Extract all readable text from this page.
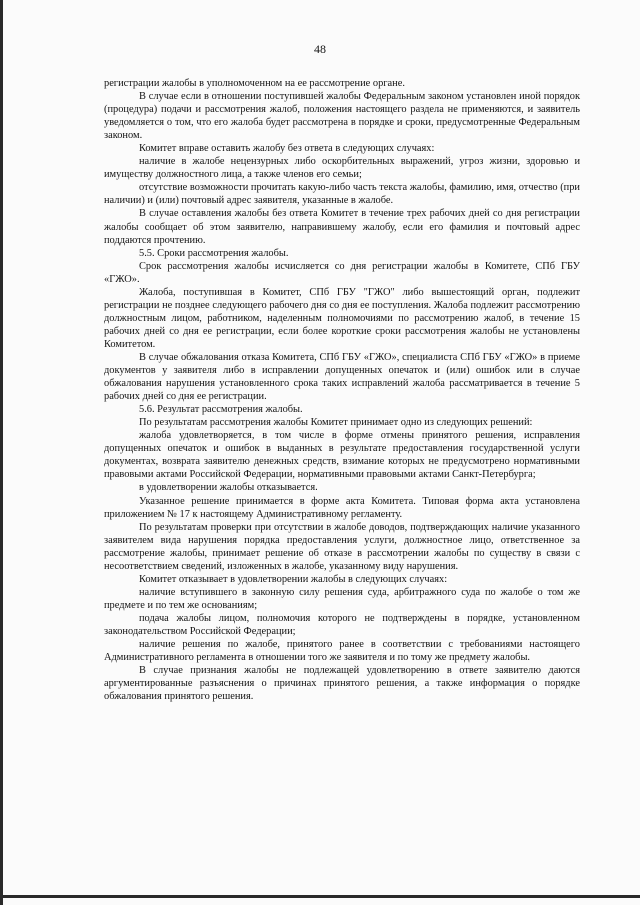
48

регистрации жалобы в уполномоченном на ее рассмотрение органе.

В случае если в отношении поступившей жалобы Федеральным законом установлен иной порядок (процедура) подачи и рассмотрения жалоб, положения настоящего раздела не применяются, и заявитель уведомляется о том, что его жалоба будет рассмотрена в порядке и сроки, предусмотренные Федеральным законом.

Комитет вправе оставить жалобу без ответа в следующих случаях:

наличие в жалобе нецензурных либо оскорбительных выражений, угроз жизни, здоровью и имуществу должностного лица, а также членов его семьи;

отсутствие возможности прочитать какую-либо часть текста жалобы, фамилию, имя, отчество (при наличии) и (или) почтовый адрес заявителя, указанные в жалобе.

В случае оставления жалобы без ответа Комитет в течение трех рабочих дней со дня регистрации жалобы сообщает об этом заявителю, направившему жалобу, если его фамилия и почтовый адрес поддаются прочтению.

5.5. Сроки рассмотрения жалобы.

Срок рассмотрения жалобы исчисляется со дня регистрации жалобы в Комитете, СПб ГБУ «ГЖО».

Жалоба, поступившая в Комитет, СПб ГБУ "ГЖО" либо вышестоящий орган, подлежит регистрации не позднее следующего рабочего дня со дня ее поступления. Жалоба подлежит рассмотрению должностным лицом, работником, наделенным полномочиями по рассмотрению жалоб, в течение 15 рабочих дней со дня ее регистрации, если более короткие сроки рассмотрения жалобы не установлены Комитетом.

В случае обжалования отказа Комитета, СПб ГБУ «ГЖО», специалиста СПб ГБУ «ГЖО» в приеме документов у заявителя либо в исправлении допущенных опечаток и (или) ошибок или в случае обжалования нарушения установленного срока таких исправлений жалоба рассматривается в течение 5 рабочих дней со дня ее регистрации.

5.6. Результат рассмотрения жалобы.

По результатам рассмотрения жалобы Комитет принимает одно из следующих решений:

жалоба удовлетворяется, в том числе в форме отмены принятого решения, исправления допущенных опечаток и ошибок в выданных в результате предоставления государственной услуги документах, возврата заявителю денежных средств, взимание которых не предусмотрено нормативными правовыми актами Российской Федерации, нормативными правовыми актами Санкт-Петербурга;

в удовлетворении жалобы отказывается.

Указанное решение принимается в форме акта Комитета. Типовая форма акта установлена приложением № 17 к настоящему Административному регламенту.

По результатам проверки при отсутствии в жалобе доводов, подтверждающих наличие указанного заявителем вида нарушения порядка предоставления услуги, должностное лицо, ответственное за рассмотрение жалобы, принимает решение об отказе в рассмотрении жалобы по существу в связи с несоответствием сведений, изложенных в жалобе, указанному виду нарушения.

Комитет отказывает в удовлетворении жалобы в следующих случаях:

наличие вступившего в законную силу решения суда, арбитражного суда по жалобе о том же предмете и по тем же основаниям;

подача жалобы лицом, полномочия которого не подтверждены в порядке, установленном законодательством Российской Федерации;

наличие решения по жалобе, принятого ранее в соответствии с требованиями настоящего Административного регламента в отношении того же заявителя и по тому же предмету жалобы.

В случае признания жалобы не подлежащей удовлетворению в ответе заявителю даются аргументированные разъяснения о причинах принятого решения, а также информация о порядке обжалования принятого решения.
